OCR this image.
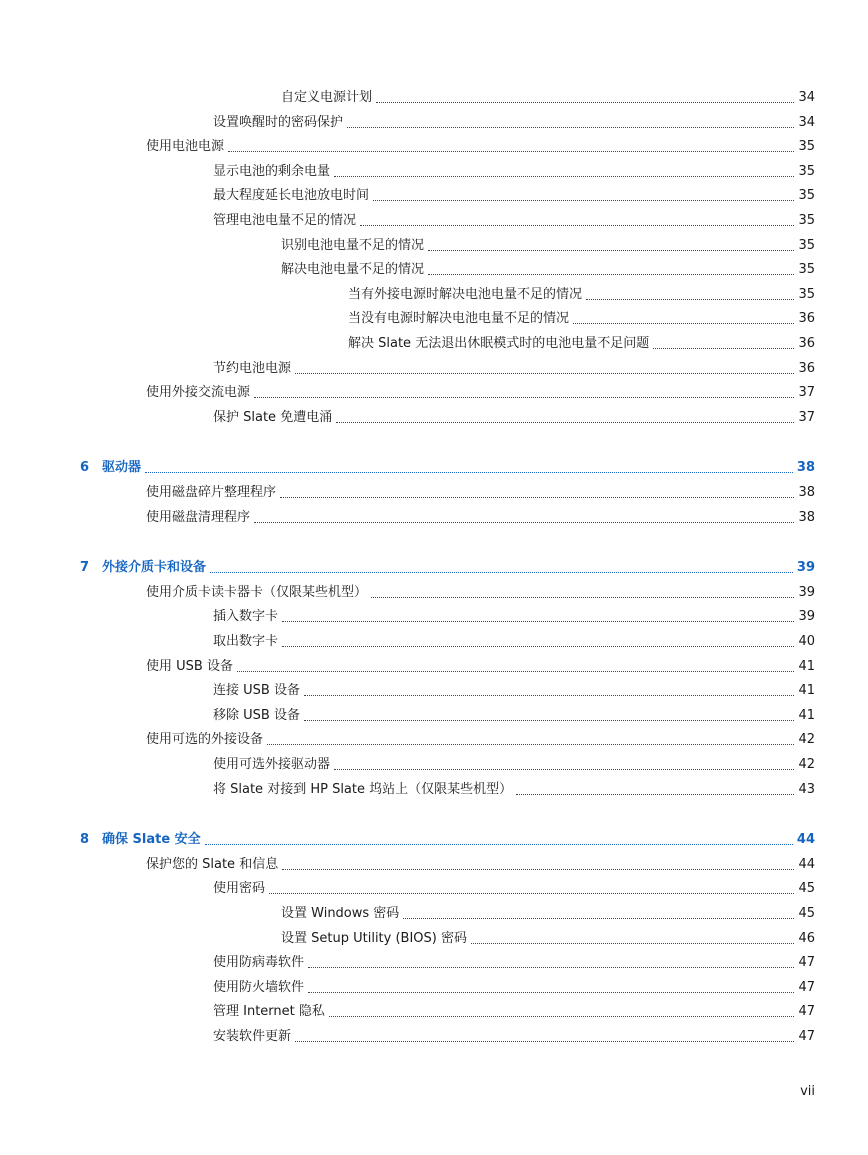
自定义电源计划	34
设置唤醒时的密码保护	34
使用电池电源	35
显示电池的剩余电量	35
最大程度延长电池放电时间	35
管理电池电量不足的情况	35
识别电池电量不足的情况	35
解决电池电量不足的情况	35
当有外接电源时解决电池电量不足的情况	35
当没有电源时解决电池电量不足的情况	36
解决 Slate 无法退出休眠模式时的电池电量不足问题	36
节约电池电源	36
使用外接交流电源	37
保护 Slate 免遭电涌	37
6 驱动器	38
使用磁盘碎片整理程序	38
使用磁盘清理程序	38
7 外接介质卡和设备	39
使用介质卡读卡器卡（仅限某些机型）	39
插入数字卡	39
取出数字卡	40
使用 USB 设备	41
连接 USB 设备	41
移除 USB 设备	41
使用可选的外接设备	42
使用可选外接驱动器	42
将 Slate 对接到 HP Slate 坞站上（仅限某些机型）	43
8 确保 Slate 安全	44
保护您的 Slate 和信息	44
使用密码	45
设置 Windows 密码	45
设置 Setup Utility (BIOS) 密码	46
使用防病毒软件	47
使用防火墙软件	47
管理 Internet 隐私	47
安装软件更新	47
vii
